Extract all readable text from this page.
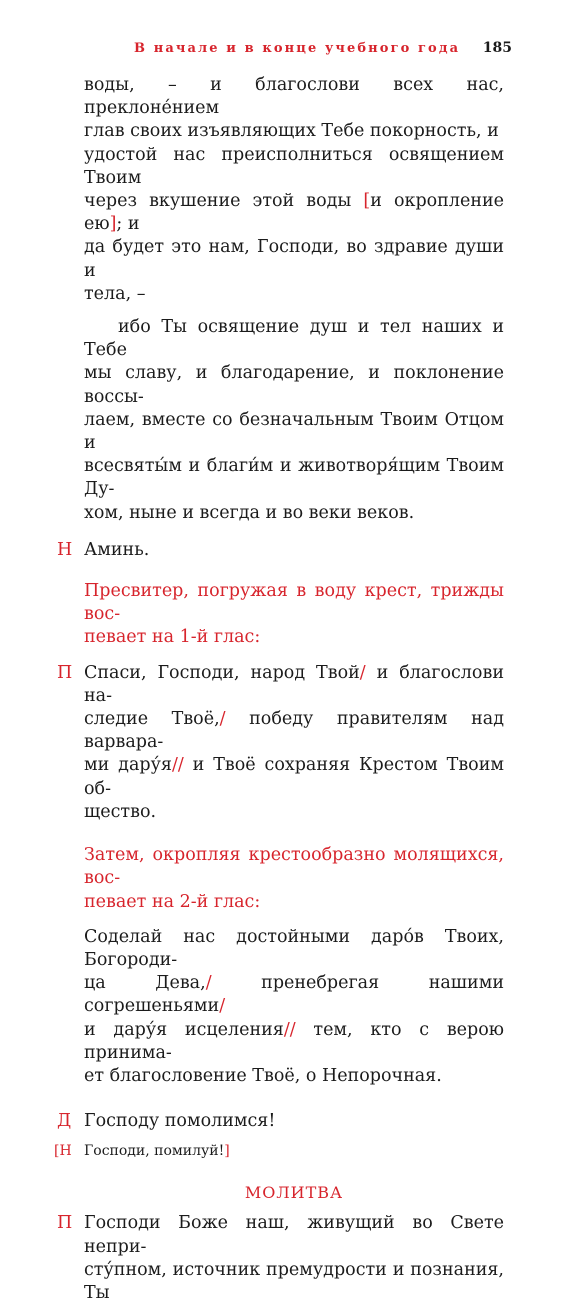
В начале и в конце учебного года 185
воды, – и благослови всех нас, преклоне́нием
глав своих изъявляющих Тебе покорность, и
удостой нас преисполниться освящением Твоим
через вкушение этой воды [и окропление ею]; и
да будет это нам, Господи, во здравие души и
тела, –
ибо Ты освящение душ и тел наших и Тебе
мы славу, и благодарение, и поклонение воссы-
лаем, вместе со безначальным Твоим Отцом и
всесвяты́м и благи́м и животворя́щим Твоим Ду-
хом, ныне и всегда и во веки веков.
Н Аминь.
Пресвитер, погружая в воду крест, трижды вос-
певает на 1-й глас:
П Спаси, Господи, народ Твой/ и благослови на-
следие Твоё,/ победу правителям над варвара-
ми дару́я// и Твоё сохраняя Крестом Твоим об-
щество.
Затем, окропляя крестообразно молящихся, вос-
певает на 2-й глас:
Соделай нас достойными даро́в Твоих, Богороди-
ца Дева,/ пренебрегая нашими согрешеньями/
и дару́я исцеления// тем, кто с верою принима-
ет благословение Твоё, о Непорочная.
Д Господу помолимся!
[Н Господи, помилуй!]
МОЛИТВА
П Господи Боже наш, живущий во Свете непри-
сту́пном, источник премудрости и познания, Ты
